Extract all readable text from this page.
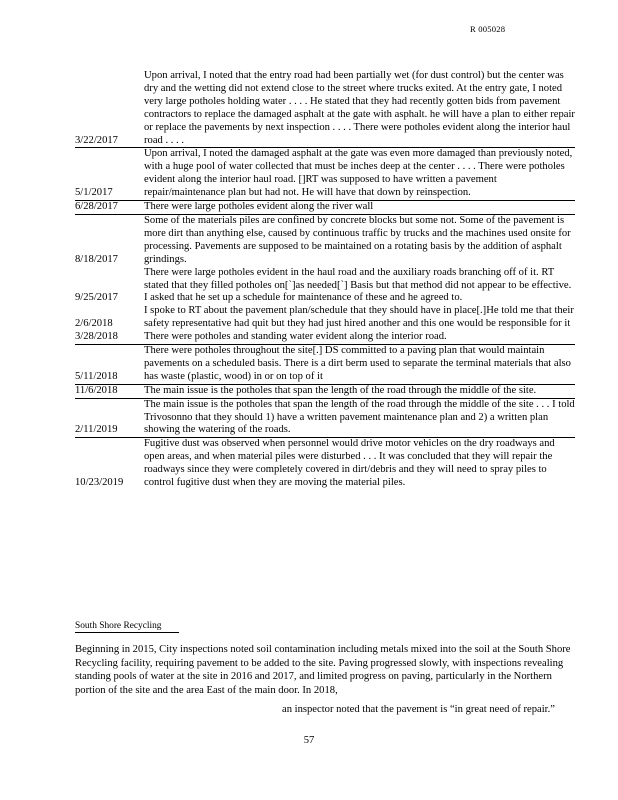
R 005028
3/22/2017	Upon arrival, I noted that the entry road had been partially wet (for dust control) but the center was dry and the wetting did not extend close to the street where trucks exited. At the entry gate, I noted very large potholes holding water . . . . He stated that they had recently gotten bids from pavement contractors to replace the damaged asphalt at the gate with asphalt. he will have a plan to either repair or replace the pavements by next inspection . . . . There were potholes evident along the interior haul road . . . .
5/1/2017	Upon arrival, I noted the damaged asphalt at the gate was even more damaged than previously noted, with a huge pool of water collected that must be inches deep at the center . . . . There were potholes evident along the interior haul road. []RT was supposed to have written a pavement repair/maintenance plan but had not. He will have that down by reinspection.
6/28/2017	There were large potholes evident along the river wall
8/18/2017	Some of the materials piles are confined by concrete blocks but some not. Some of the pavement is more dirt than anything else, caused by continuous traffic by trucks and the machines used onsite for processing. Pavements are supposed to be maintained on a rotating basis by the addition of asphalt grindings.
9/25/2017	There were large potholes evident in the haul road and the auxiliary roads branching off of it. RT stated that they filled potholes on[`]as needed[`] Basis but that method did not appear to be effective. I asked that he set up a schedule for maintenance of these and he agreed to.
2/6/2018	I spoke to RT about the pavement plan/schedule that they should have in place[.]He told me that their safety representative had quit but they had just hired another and this one would be responsible for it
3/28/2018	There were potholes and standing water evident along the interior road.
5/11/2018	There were potholes throughout the site[.] DS committed to a paving plan that would maintain pavements on a scheduled basis. There is a dirt berm used to separate the terminal materials that also has waste (plastic, wood) in or on top of it
11/6/2018	The main issue is the potholes that span the length of the road through the middle of the site.
2/11/2019	The main issue is the potholes that span the length of the road through the middle of the site . . . I told Trivosonno that they should 1) have a written pavement maintenance plan and 2) a written plan showing the watering of the roads.
10/23/2019	Fugitive dust was observed when personnel would drive motor vehicles on the dry roadways and open areas, and when material piles were disturbed . . . It was concluded that they will repair the roadways since they were completely covered in dirt/debris and they will need to spray piles to control fugitive dust when they are moving the material piles.
South Shore Recycling

Beginning in 2015, City inspections noted soil contamination including metals mixed into the soil at the South Shore Recycling facility, requiring pavement to be added to the site. Paving progressed slowly, with inspections revealing standing pools of water at the site in 2016 and 2017, and limited progress on paving, particularly in the Northern portion of the site and the area East of the main door. In 2018,

an inspector noted that the pavement is “in great need of repair.”
57
